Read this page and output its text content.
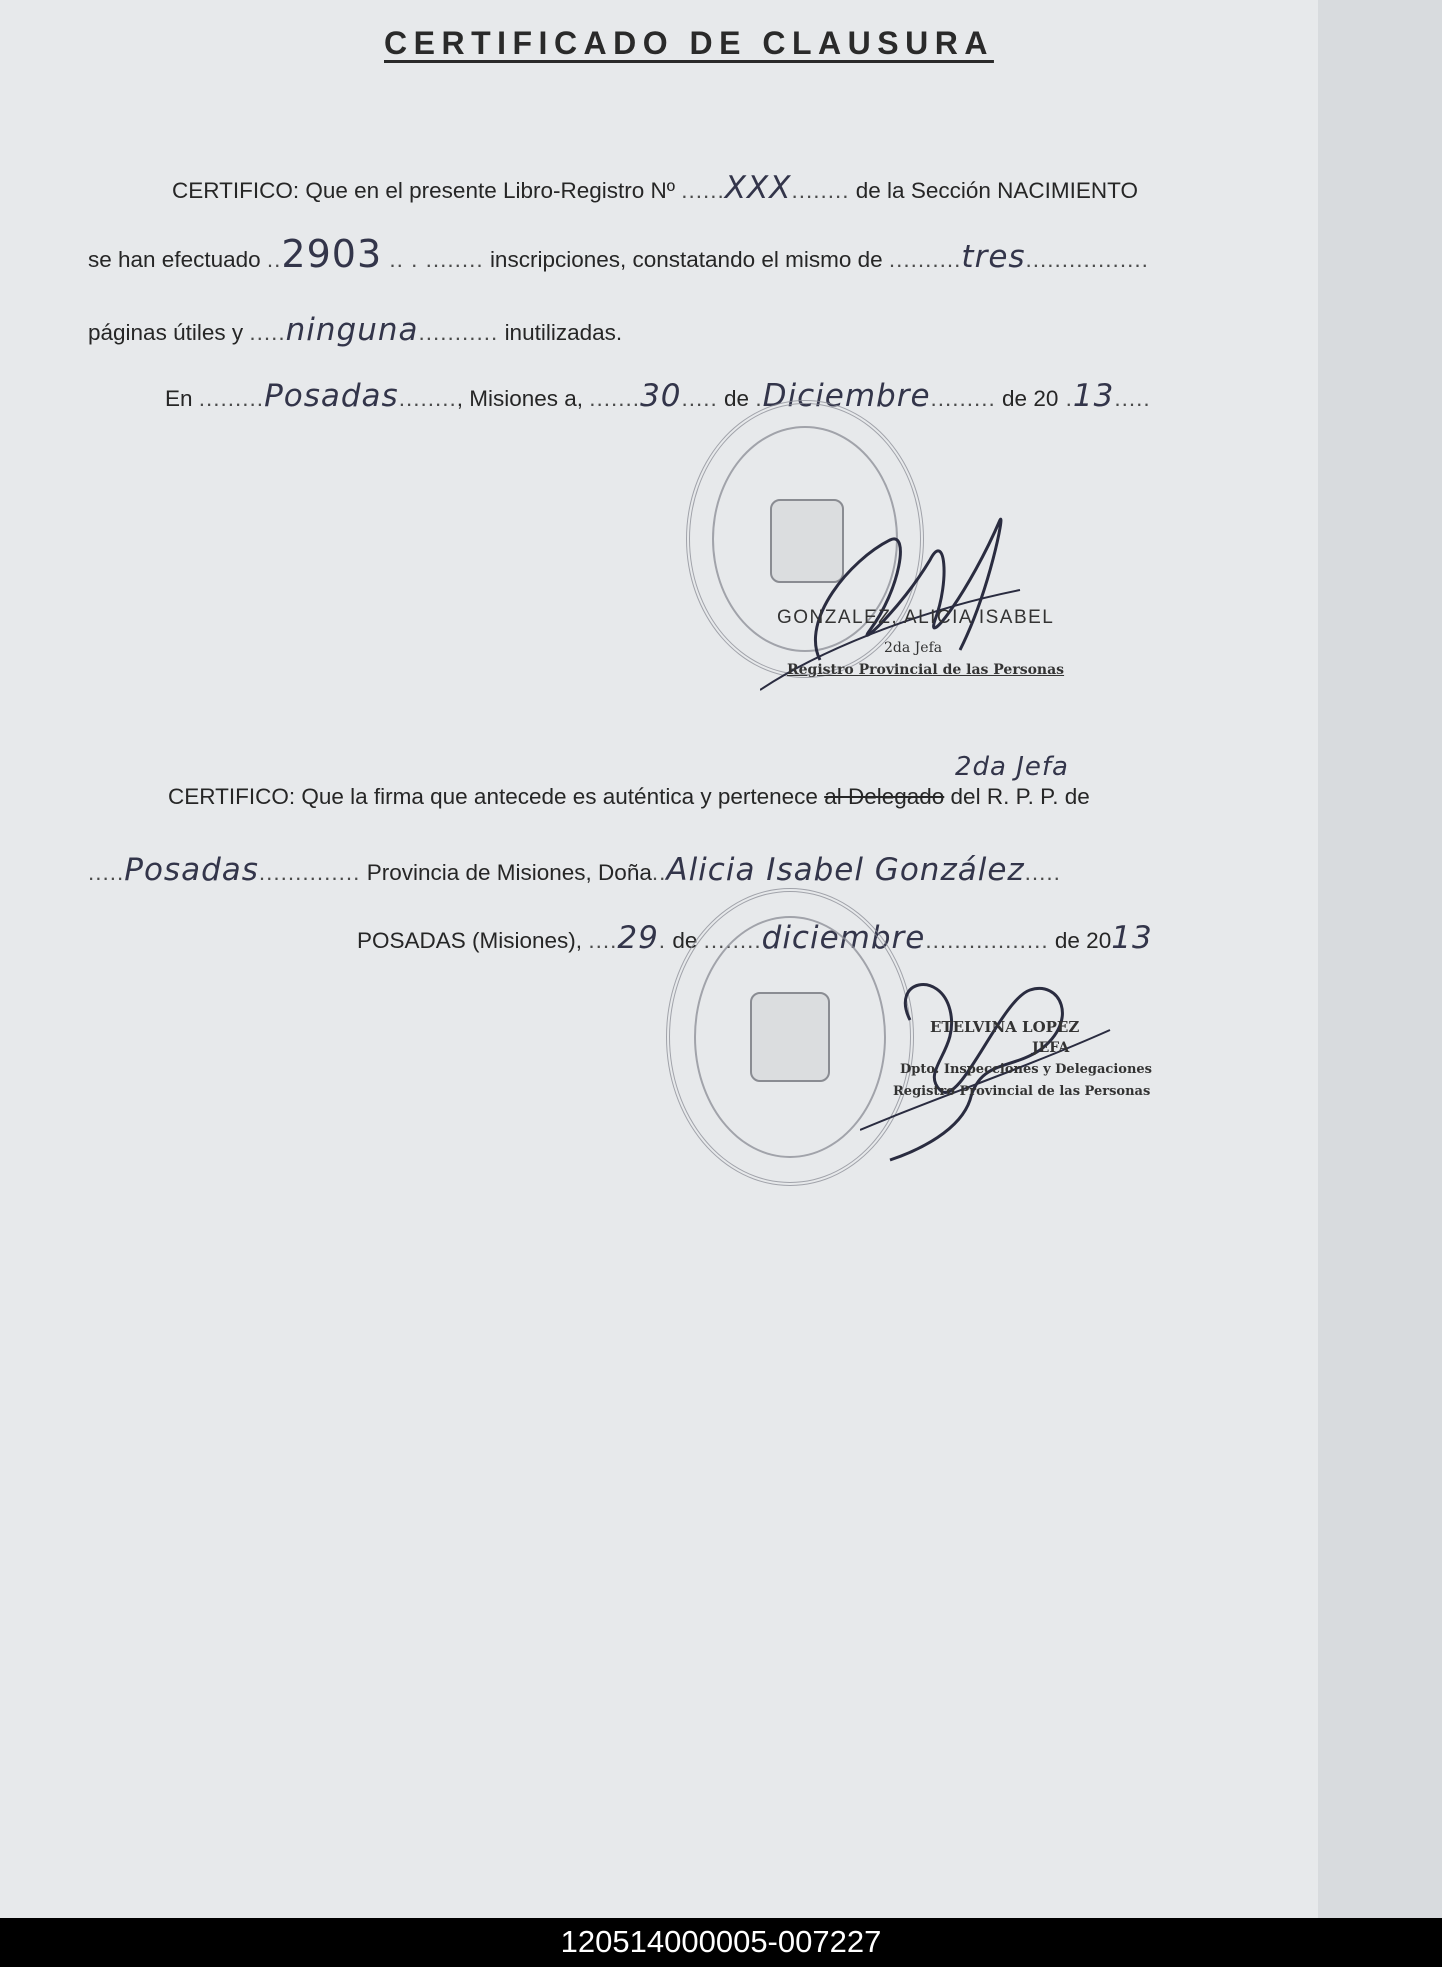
CERTIFICADO DE CLAUSURA
CERTIFICO: Que en el presente Libro-Registro Nº ......XXX........ de la Sección NACIMIENTO
se han efectuado ..2903 .. . ........ inscripciones, constatando el mismo de ..........tres.................
páginas útiles y .....ninguna........... inutilizadas.
En .........Posadas........, Misiones a, .......30..... de .Diciembre......... de 20 .13.....
GONZALEZ, ALICIA ISABEL
2da Jefa
Registro Provincial de las Personas
2da Jefa
CERTIFICO: Que la firma que antecede es auténtica y pertenece al Delegado del R. P. P. de
.....Posadas.............. Provincia de Misiones, Doña..Alicia Isabel González.....
POSADAS (Misiones), ....29. de ........diciembre................. de 2013
ETELVINA LOPEZ
JEFA
Dpto. Inspecciones y Delegaciones
Registro Provincial de las Personas
120514000005-007227
